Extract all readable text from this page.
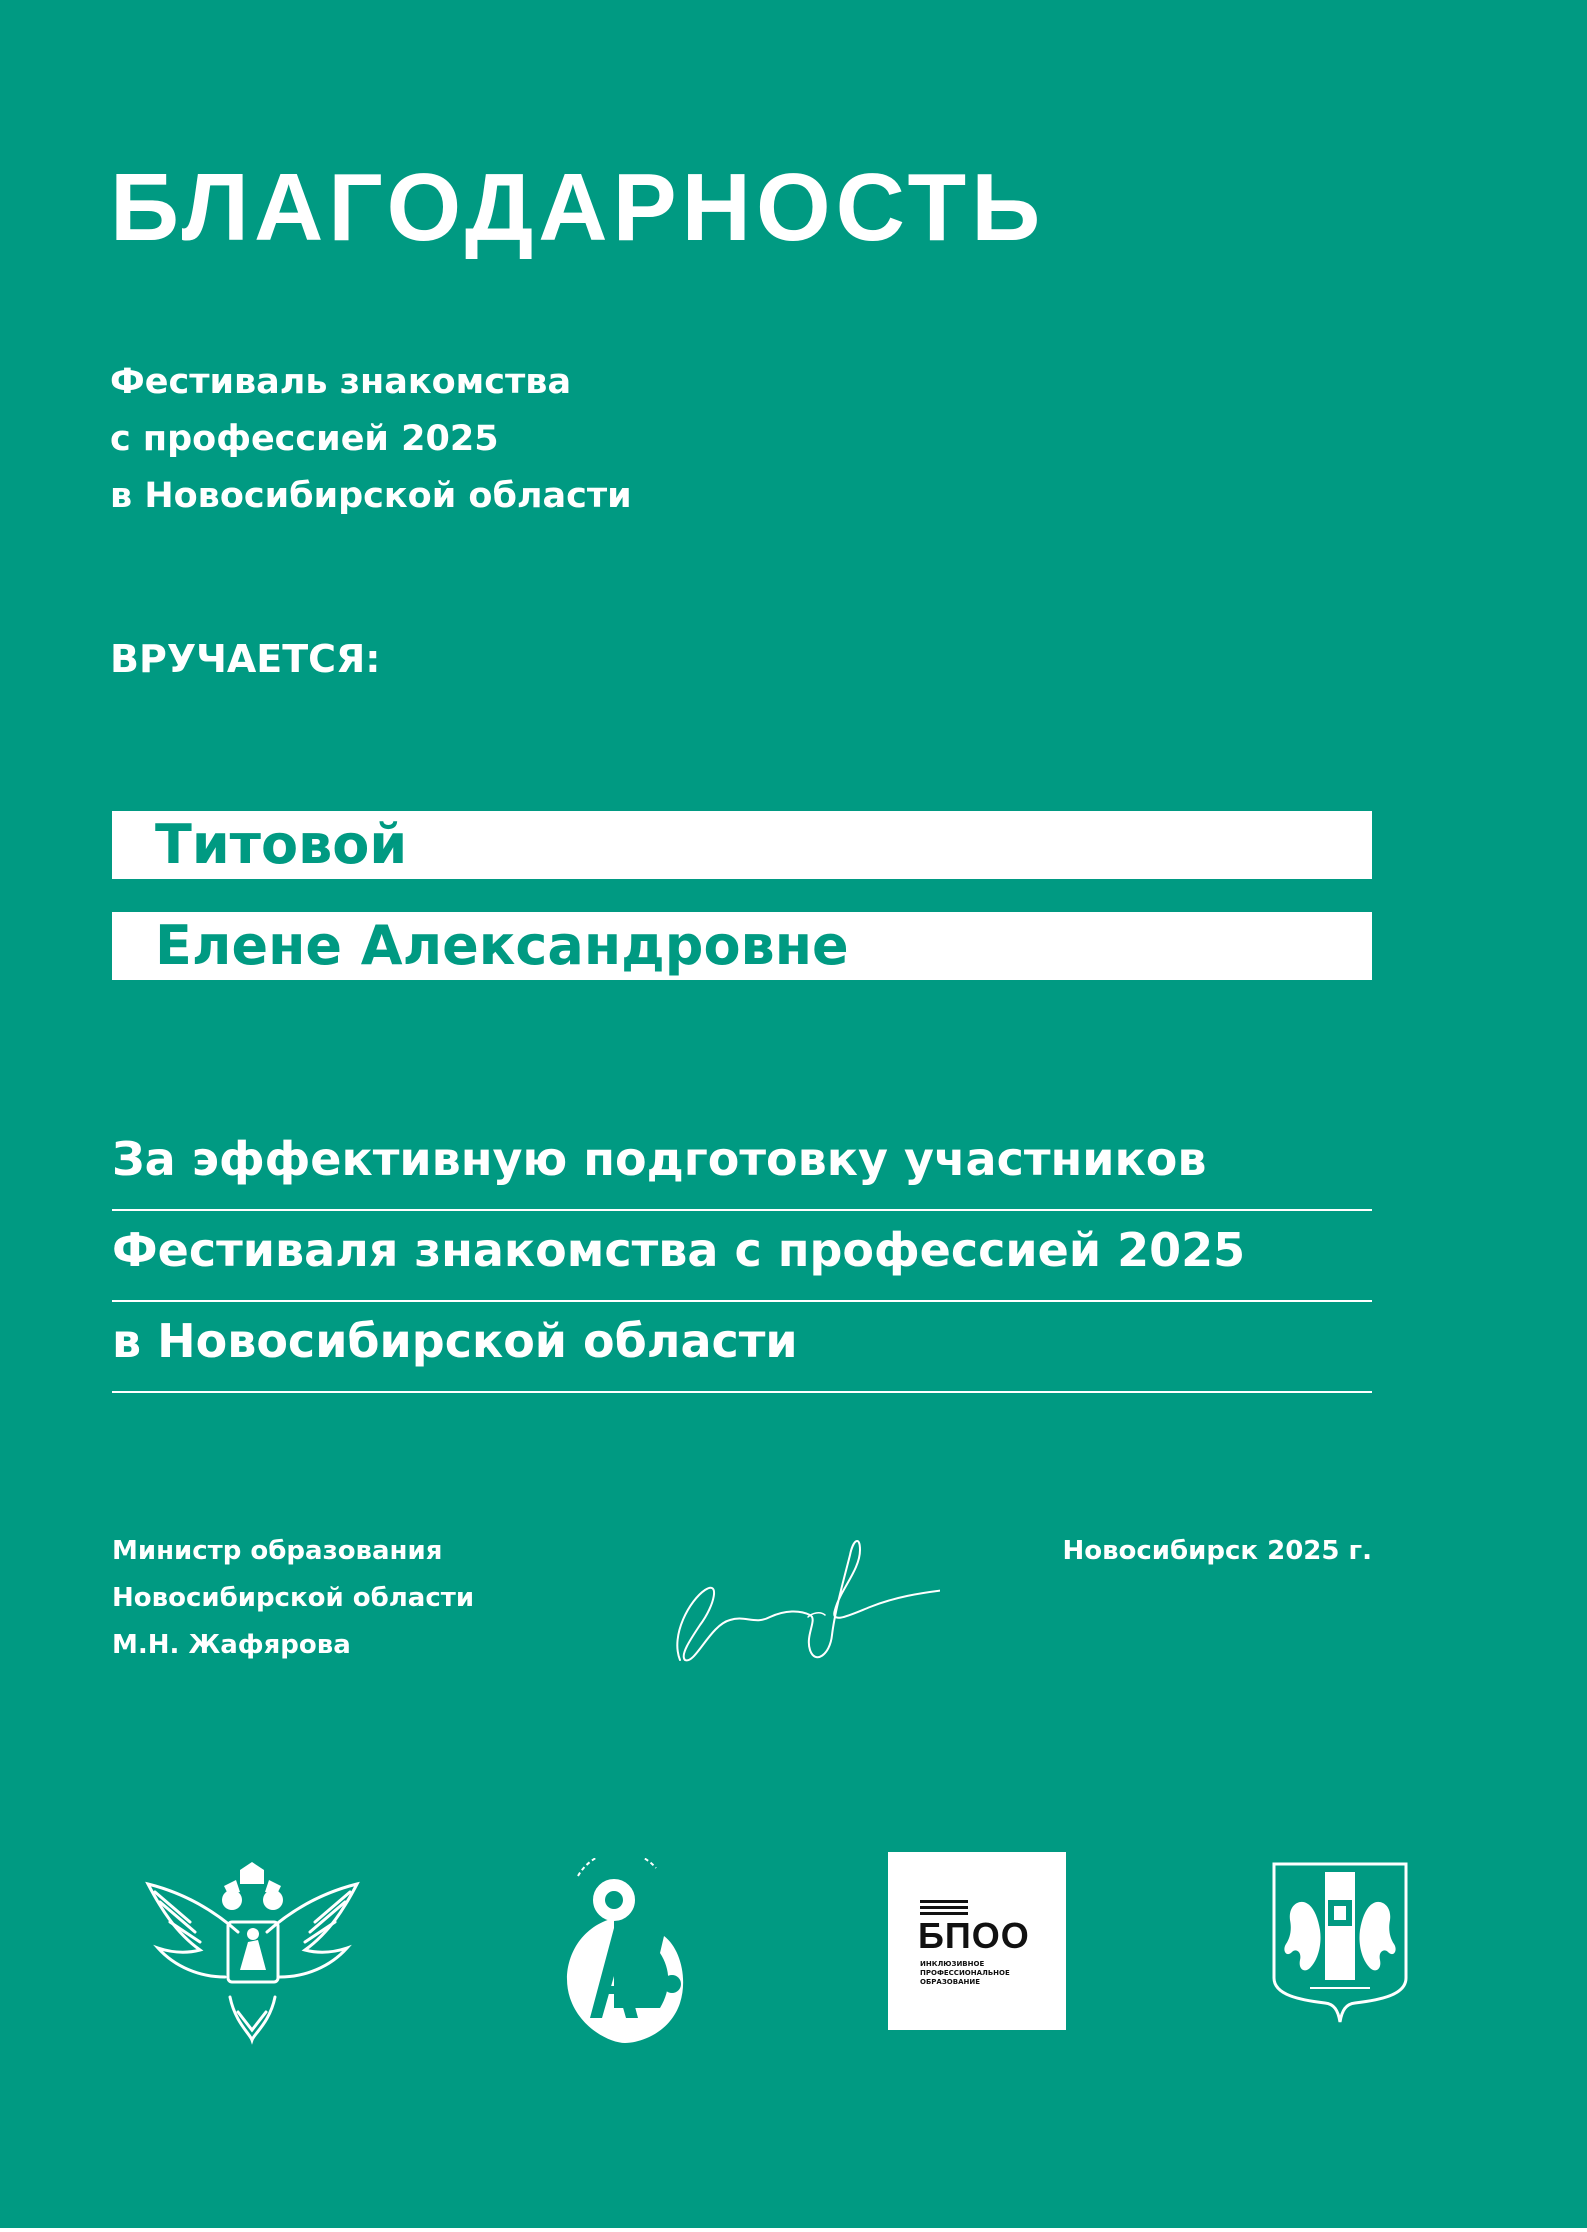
БЛАГОДАРНОСТЬ
Фестиваль знакомства
с профессией 2025
в Новосибирской области
ВРУЧАЕТСЯ:
Титовой
Елене Александровне
За эффективную подготовку участников
Фестиваля знакомства с профессией 2025
в Новосибирской области
Министр образования
Новосибирской области
М.Н. Жафярова
Новосибирск 2025 г.
БПОО
ИНКЛЮЗИВНОЕ
ПРОФЕССИОНАЛЬНОЕ
ОБРАЗОВАНИЕ
